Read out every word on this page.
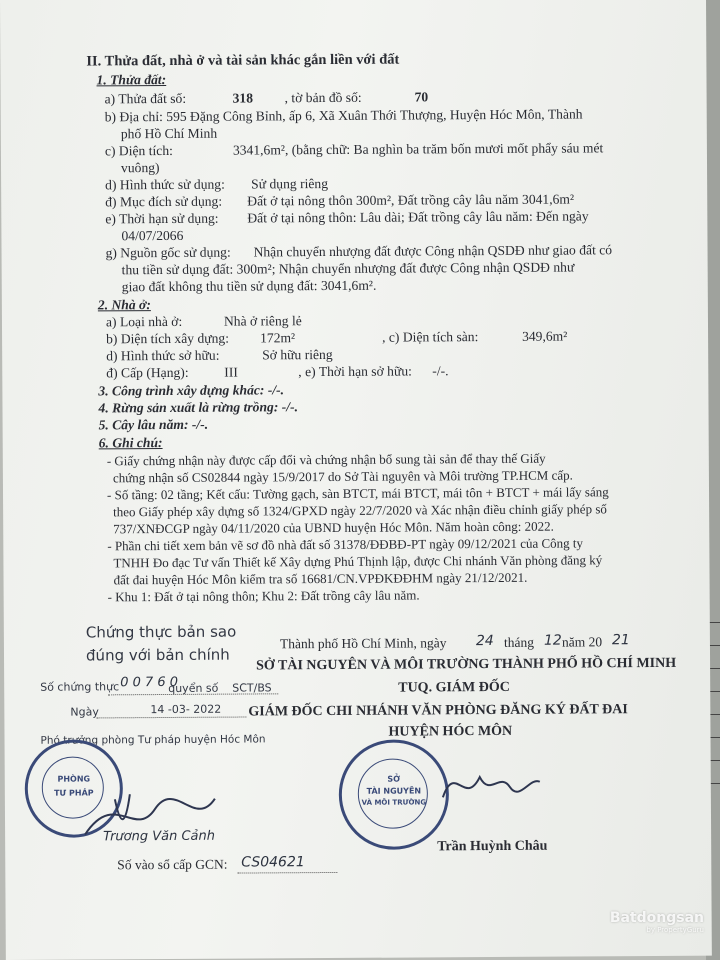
II. Thửa đất, nhà ở và tài sản khác gắn liền với đất
1. Thửa đất:
a) Thửa đất số:	318 , tờ bản đồ số:	70
b) Địa chỉ: 595 Đặng Công Bỉnh, ấp 6, Xã Xuân Thới Thượng, Huyện Hóc Môn, Thành
phố Hồ Chí Minh
c) Diện tích:	3341,6m², (bằng chữ: Ba nghìn ba trăm bốn mươi mốt phẩy sáu mét
vuông)
d) Hình thức sử dụng: Sử dụng riêng
đ) Mục đích sử dụng: Đất ở tại nông thôn 300m², Đất trồng cây lâu năm 3041,6m²
e) Thời hạn sử dụng: Đất ở tại nông thôn: Lâu dài; Đất trồng cây lâu năm: Đến ngày
04/07/2066
g) Nguồn gốc sử dụng: Nhận chuyển nhượng đất được Công nhận QSDĐ như giao đất có
thu tiền sử dụng đất: 300m²; Nhận chuyển nhượng đất được Công nhận QSDĐ như
giao đất không thu tiền sử dụng đất: 3041,6m².
2. Nhà ở:
a) Loại nhà ở:	Nhà ở riêng lẻ
b) Diện tích xây dựng: 172m²	, c) Diện tích sàn:	349,6m²
d) Hình thức sở hữu:	Sở hữu riêng
đ) Cấp (Hạng):	III	, e) Thời hạn sở hữu: -/-.
3. Công trình xây dựng khác: -/-.
4. Rừng sản xuất là rừng trồng: -/-.
5. Cây lâu năm: -/-.
6. Ghi chú:
- Giấy chứng nhận này được cấp đổi và chứng nhận bổ sung tài sản để thay thế Giấy
chứng nhận số CS02844 ngày 15/9/2017 do Sở Tài nguyên và Môi trường TP.HCM cấp.
- Số tầng: 02 tầng; Kết cấu: Tường gạch, sàn BTCT, mái BTCT, mái tôn + BTCT + mái lấy sáng
theo Giấy phép xây dựng số 1324/GPXD ngày 22/7/2020 và Xác nhận điều chỉnh giấy phép số
737/XNĐCGP ngày 04/11/2020 của UBND huyện Hóc Môn. Năm hoàn công: 2022.
- Phần chi tiết xem bản vẽ sơ đồ nhà đất số 31378/ĐĐBĐ-PT ngày 09/12/2021 của Công ty
TNHH Đo đạc Tư vấn Thiết kế Xây dựng Phú Thịnh lập, được Chi nhánh Văn phòng đăng ký
đất đai huyện Hóc Môn kiểm tra số 16681/CN.VPĐKĐĐHM ngày 21/12/2021.
- Khu 1: Đất ở tại nông thôn; Khu 2: Đất trồng cây lâu năm.
Chứng thực bản sao
đúng với bản chính
Số chứng thực 0 0 7 6 0
quyển số SCT/BS
Ngày	14 -03- 2022
Phó trưởng phòng Tư pháp huyện Hóc Môn
PHÒNG
TƯ PHÁP
Trương Văn Cảnh
Thành phố Hồ Chí Minh, ngày 24 tháng 12 năm 20 21
SỞ TÀI NGUYÊN VÀ MÔI TRƯỜNG THÀNH PHỐ HỒ CHÍ MINH
TUQ. GIÁM ĐỐC
GIÁM ĐỐC CHI NHÁNH VĂN PHÒNG ĐĂNG KÝ ĐẤT ĐAI
HUYỆN HÓC MÔN
SỞ
TÀI NGUYÊN
VÀ MÔI TRƯỜNG
Trần Huỳnh Châu
Số vào sổ cấp GCN: CS04621
Batdongsan
by PropertyGuru
